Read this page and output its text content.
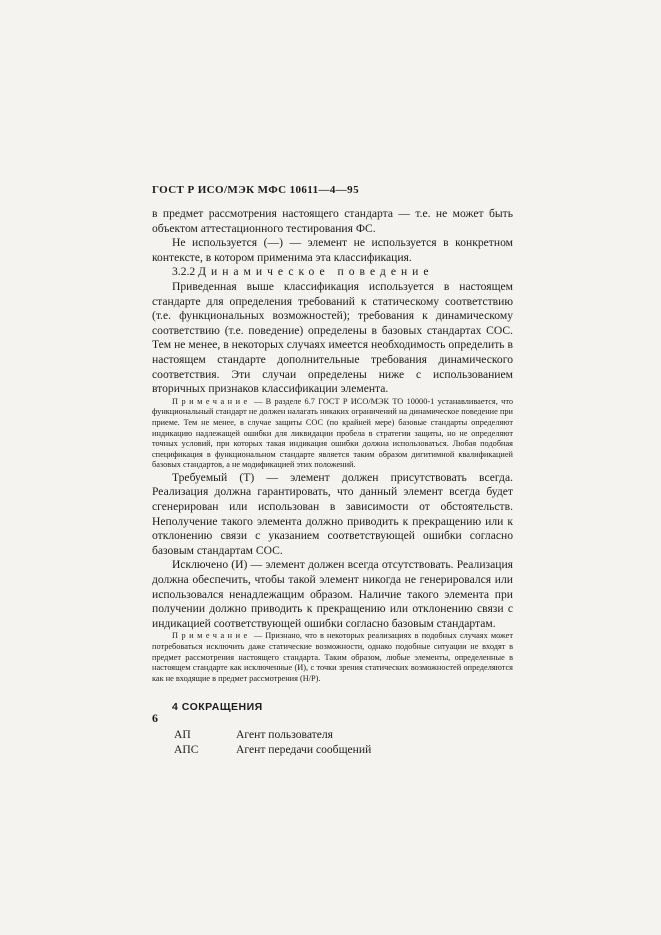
ГОСТ Р ИСО/МЭК МФС 10611—4—95

в предмет рассмотрения настоящего стандарта — т.е. не может быть объектом аттестационного тестирования ФС.

Не используется (—) — элемент не используется в конкретном контексте, в котором применима эта классификация.

3.2.2 Динамическое поведение

Приведенная выше классификация используется в настоящем стандарте для определения требований к статическому соответствию (т.е. функциональных возможностей); требования к динамическому соответствию (т.е. поведение) определены в базовых стандартах СОС. Тем не менее, в некоторых случаях имеется необходимость определить в настоящем стандарте дополнительные требования динамического соответствия. Эти случаи определены ниже с использованием вторичных признаков классификации элемента.

Примечание — В разделе 6.7 ГОСТ Р ИСО/МЭК ТО 10000-1 устанавливается, что функциональный стандарт не должен налагать никаких ограничений на динамическое поведение при приеме. Тем не менее, в случае защиты СОС (по крайней мере) базовые стандарты определяют индикацию надлежащей ошибки для ликвидации пробела в стратегии защиты, но не определяют точных условий, при которых такая индикация ошибки должна использоваться. Любая подобная спецификация в функциональном стандарте является таким образом дигитимной квалификацией базовых стандартов, а не модификацией этих положений.

Требуемый (Т) — элемент должен присутствовать всегда. Реализация должна гарантировать, что данный элемент всегда будет сгенерирован или использован в зависимости от обстоятельств. Неполучение такого элемента должно приводить к прекращению или к отклонению связи с указанием соответствующей ошибки согласно базовым стандартам СОС.

Исключено (И) — элемент должен всегда отсутствовать. Реализация должна обеспечить, чтобы такой элемент никогда не генерировался или использовался ненадлежащим образом. Наличие такого элемента при получении должно приводить к прекращению или отклонению связи с индикацией соответствующей ошибки согласно базовым стандартам.

Примечание — Признано, что в некоторых реализациях в подобных случаях может потребоваться исключить даже статические возможности, однако подобные ситуации не входят в предмет рассмотрения настоящего стандарта. Таким образом, любые элементы, определенные в настоящем стандарте как исключенные (И), с точки зрения статических возможностей определяются как не входящие в предмет рассмотрения (Н/Р).

4 СОКРАЩЕНИЯ
АП	Агент пользователя
АПС	Агент передачи сообщений
6
